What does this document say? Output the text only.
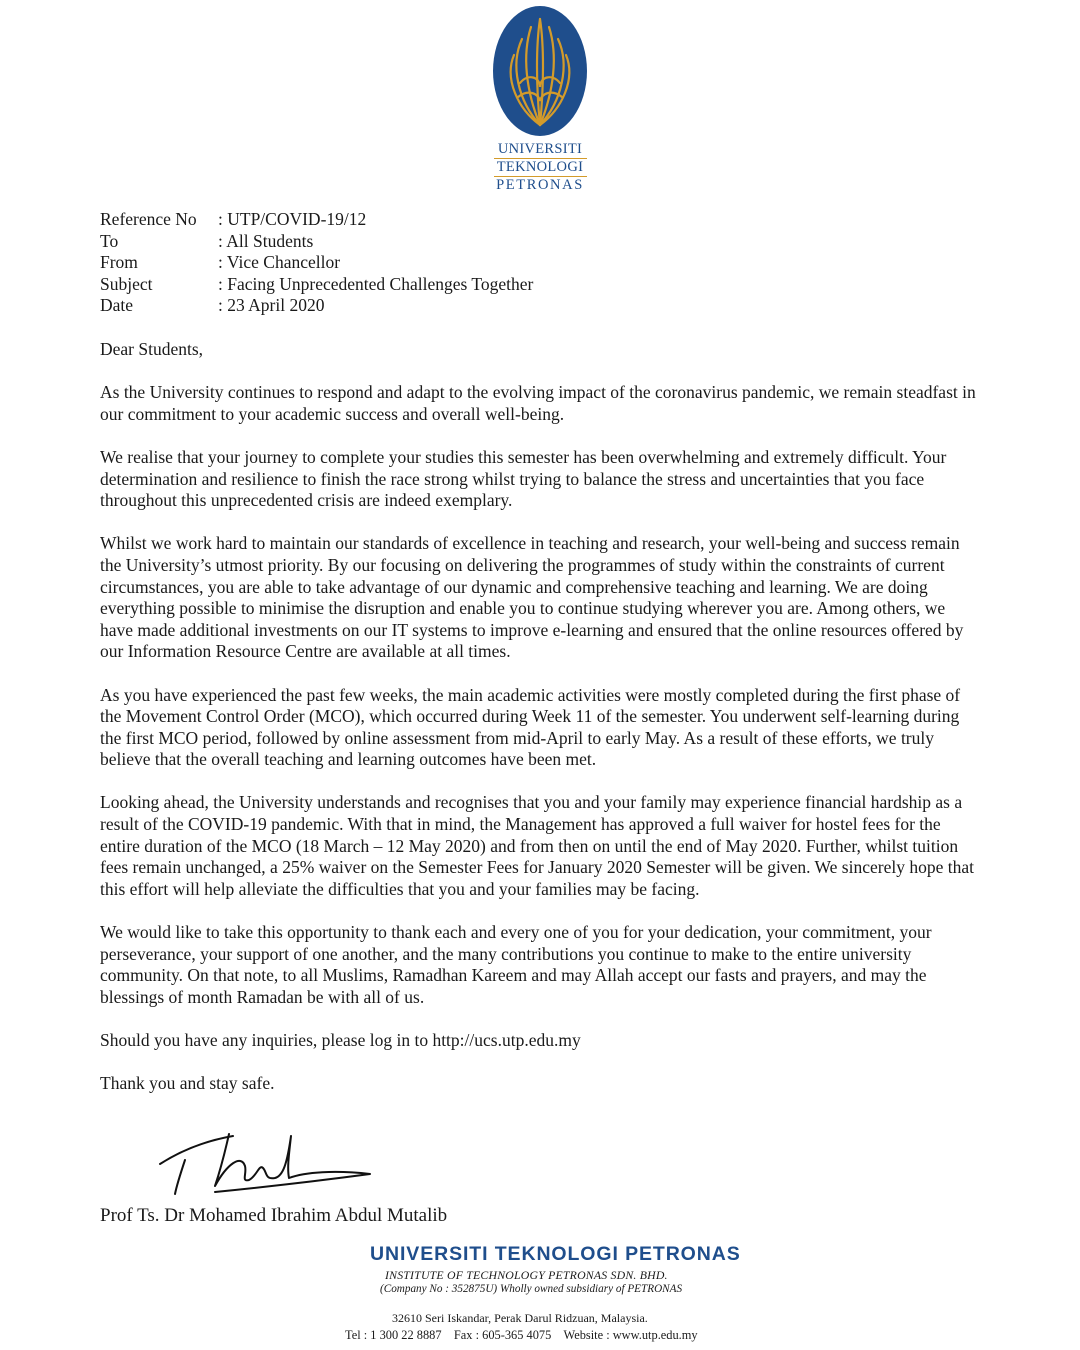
UNIVERSITI
TEKNOLOGI
PETRONAS
Reference No	: UTP/COVID-19/12
To	: All Students
From	: Vice Chancellor
Subject	: Facing Unprecedented Challenges Together
Date	: 23 April 2020

Dear Students,

As the University continues to respond and adapt to the evolving impact of the coronavirus pandemic, we remain steadfast in our commitment to your academic success and overall well-being.

We realise that your journey to complete your studies this semester has been overwhelming and extremely difficult. Your determination and resilience to finish the race strong whilst trying to balance the stress and uncertainties that you face throughout this unprecedented crisis are indeed exemplary.

Whilst we work hard to maintain our standards of excellence in teaching and research, your well-being and success remain the University’s utmost priority. By our focusing on delivering the programmes of study within the constraints of current circumstances, you are able to take advantage of our dynamic and comprehensive teaching and learning. We are doing everything possible to minimise the disruption and enable you to continue studying wherever you are. Among others, we have made additional investments on our IT systems to improve e-learning and ensured that the online resources offered by our Information Resource Centre are available at all times.

As you have experienced the past few weeks, the main academic activities were mostly completed during the first phase of the Movement Control Order (MCO), which occurred during Week 11 of the semester. You underwent self-learning during the first MCO period, followed by online assessment from mid-April to early May. As a result of these efforts, we truly believe that the overall teaching and learning outcomes have been met.

Looking ahead, the University understands and recognises that you and your family may experience financial hardship as a result of the COVID-19 pandemic. With that in mind, the Management has approved a full waiver for hostel fees for the entire duration of the MCO (18 March – 12 May 2020) and from then on until the end of May 2020. Further, whilst tuition fees remain unchanged, a 25% waiver on the Semester Fees for January 2020 Semester will be given. We sincerely hope that this effort will help alleviate the difficulties that you and your families may be facing.

We would like to take this opportunity to thank each and every one of you for your dedication, your commitment, your perseverance, your support of one another, and the many contributions you continue to make to the entire university community. On that note, to all Muslims, Ramadhan Kareem and may Allah accept our fasts and prayers, and may the blessings of month Ramadan be with all of us.

Should you have any inquiries, please log in to http://ucs.utp.edu.my

Thank you and stay safe.

Prof Ts. Dr Mohamed Ibrahim Abdul Mutalib
UNIVERSITI TEKNOLOGI PETRONAS
INSTITUTE OF TECHNOLOGY PETRONAS SDN. BHD.
(Company No : 352875U) Wholly owned subsidiary of PETRONAS
32610 Seri Iskandar, Perak Darul Ridzuan, Malaysia.
Tel : 1 300 22 8887    Fax : 605-365 4075    Website : www.utp.edu.my
